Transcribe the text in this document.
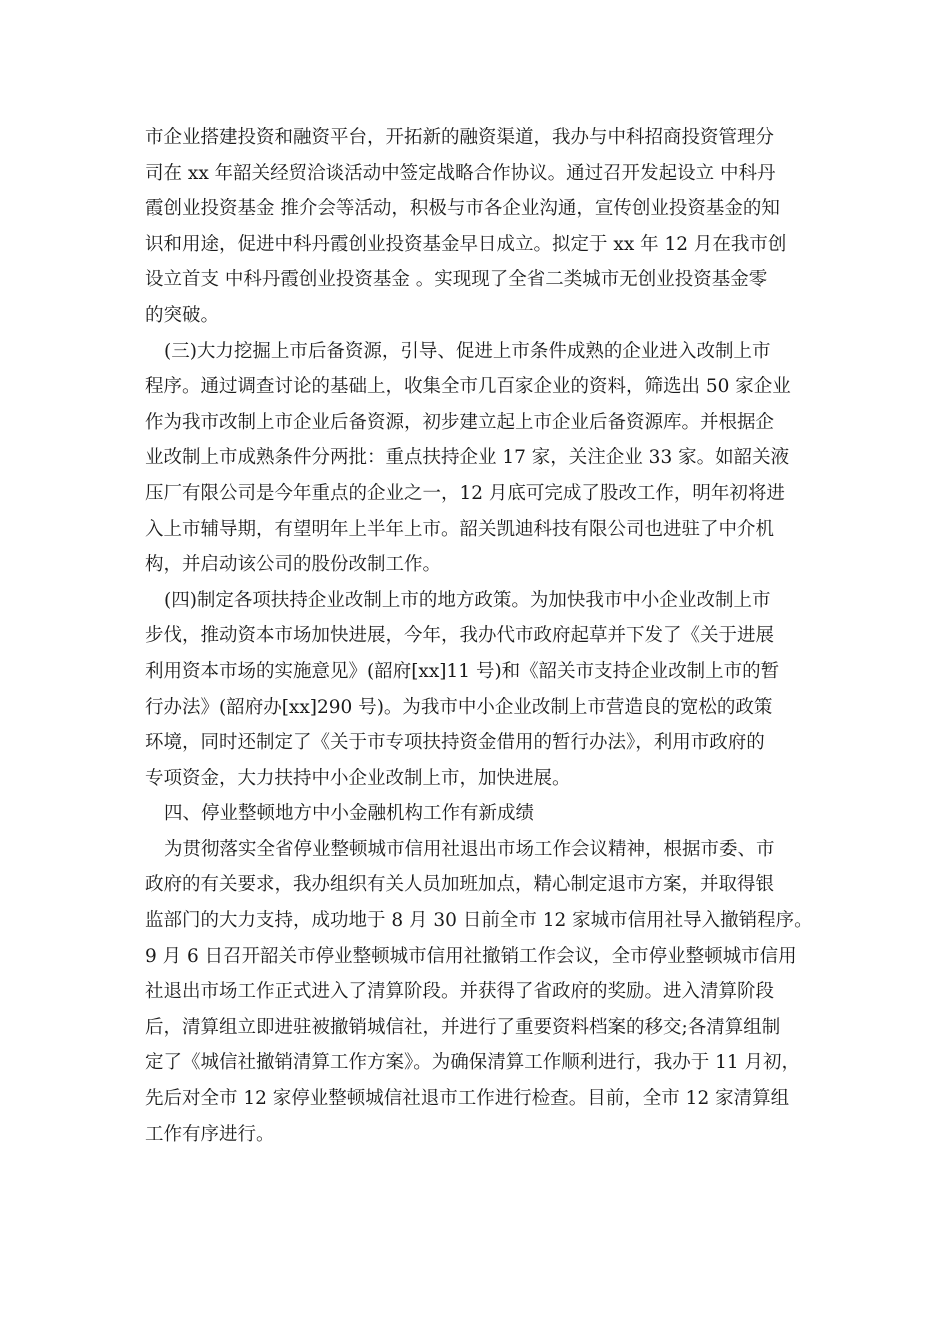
市企业搭建投资和融资平台，开拓新的融资渠道，我办与中科招商投资管理分
司在 xx 年韶关经贸洽谈活动中签定战略合作协议。通过召开发起设立 中科丹
霞创业投资基金 推介会等活动，积极与市各企业沟通，宣传创业投资基金的知
识和用途，促进中科丹霞创业投资基金早日成立。拟定于 xx 年 12 月在我市创
设立首支 中科丹霞创业投资基金 。实现现了全省二类城市无创业投资基金零
的突破。
(三)大力挖掘上市后备资源，引导、促进上市条件成熟的企业进入改制上市
程序。通过调查讨论的基础上，收集全市几百家企业的资料，筛选出 50 家企业
作为我市改制上市企业后备资源，初步建立起上市企业后备资源库。并根据企
业改制上市成熟条件分两批：重点扶持企业 17 家，关注企业 33 家。如韶关液
压厂有限公司是今年重点的企业之一，12 月底可完成了股改工作，明年初将进
入上市辅导期，有望明年上半年上市。韶关凯迪科技有限公司也进驻了中介机
构，并启动该公司的股份改制工作。
(四)制定各项扶持企业改制上市的地方政策。为加快我市中小企业改制上市
步伐，推动资本市场加快进展，今年，我办代市政府起草并下发了《关于进展
利用资本市场的实施意见》(韶府[xx]11 号)和《韶关市支持企业改制上市的暂
行办法》(韶府办[xx]290 号)。为我市中小企业改制上市营造良的宽松的政策
环境，同时还制定了《关于市专项扶持资金借用的暂行办法》，利用市政府的
专项资金，大力扶持中小企业改制上市，加快进展。
四、停业整顿地方中小金融机构工作有新成绩
为贯彻落实全省停业整顿城市信用社退出市场工作会议精神，根据市委、市
政府的有关要求，我办组织有关人员加班加点，精心制定退市方案，并取得银
监部门的大力支持，成功地于 8 月 30 日前全市 12 家城市信用社导入撤销程序。
9 月 6 日召开韶关市停业整顿城市信用社撤销工作会议，全市停业整顿城市信用
社退出市场工作正式进入了清算阶段。并获得了省政府的奖励。进入清算阶段
后，清算组立即进驻被撤销城信社，并进行了重要资料档案的移交;各清算组制
定了《城信社撤销清算工作方案》。为确保清算工作顺利进行，我办于 11 月初，
先后对全市 12 家停业整顿城信社退市工作进行检查。目前，全市 12 家清算组
工作有序进行。
